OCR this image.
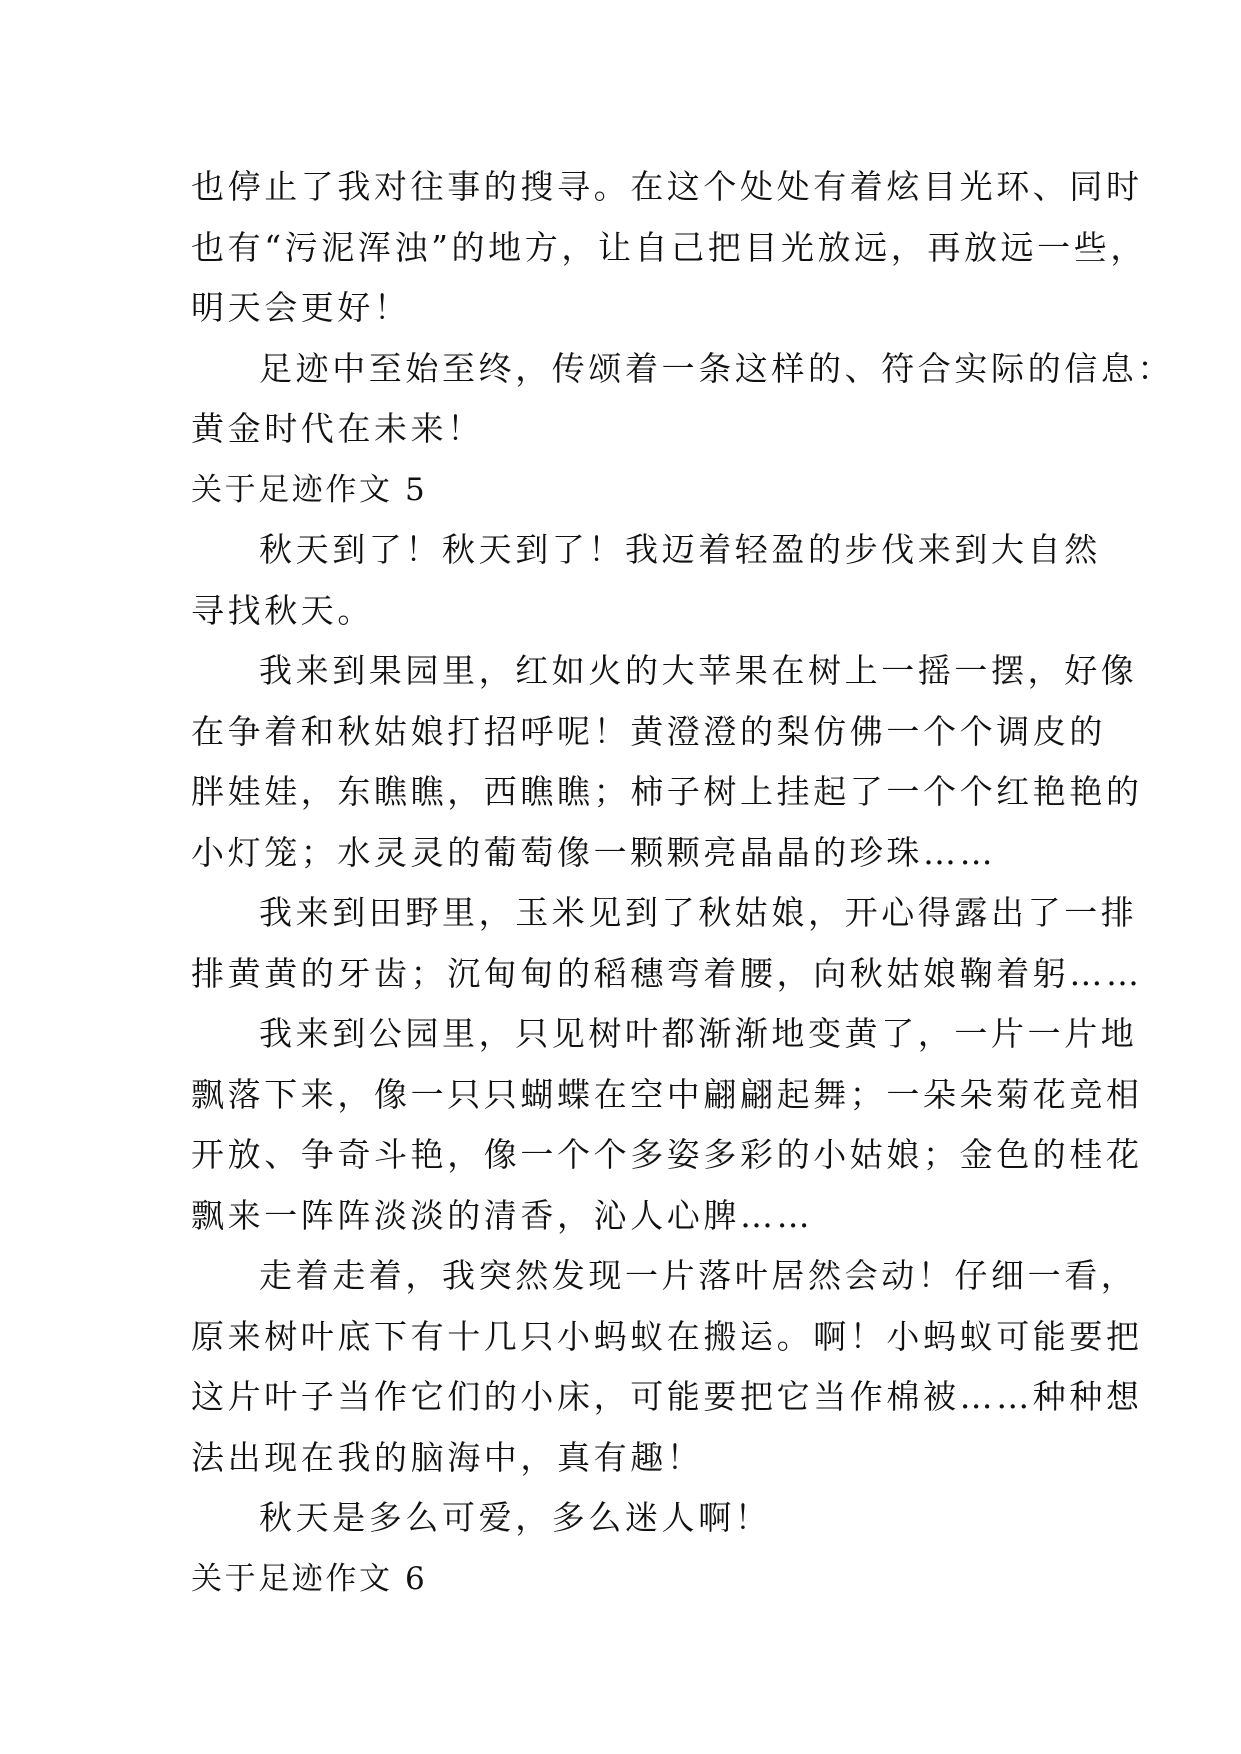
也停止了我对往事的搜寻。在这个处处有着炫目光环、同时
也有“污泥浑浊”的地方，让自己把目光放远，再放远一些，
明天会更好！
足迹中至始至终，传颂着一条这样的、符合实际的信息：
黄金时代在未来！
关于足迹作文 5
秋天到了！秋天到了！我迈着轻盈的步伐来到大自然
寻找秋天。
我来到果园里，红如火的大苹果在树上一摇一摆，好像
在争着和秋姑娘打招呼呢！黄澄澄的梨仿佛一个个调皮的
胖娃娃，东瞧瞧，西瞧瞧；柿子树上挂起了一个个红艳艳的
小灯笼；水灵灵的葡萄像一颗颗亮晶晶的珍珠……
我来到田野里，玉米见到了秋姑娘，开心得露出了一排
排黄黄的牙齿；沉甸甸的稻穗弯着腰，向秋姑娘鞠着躬……
我来到公园里，只见树叶都渐渐地变黄了，一片一片地
飘落下来，像一只只蝴蝶在空中翩翩起舞；一朵朵菊花竞相
开放、争奇斗艳，像一个个多姿多彩的小姑娘；金色的桂花
飘来一阵阵淡淡的清香，沁人心脾……
走着走着，我突然发现一片落叶居然会动！仔细一看，
原来树叶底下有十几只小蚂蚁在搬运。啊！小蚂蚁可能要把
这片叶子当作它们的小床，可能要把它当作棉被……种种想
法出现在我的脑海中，真有趣！
秋天是多么可爱，多么迷人啊！
关于足迹作文 6
